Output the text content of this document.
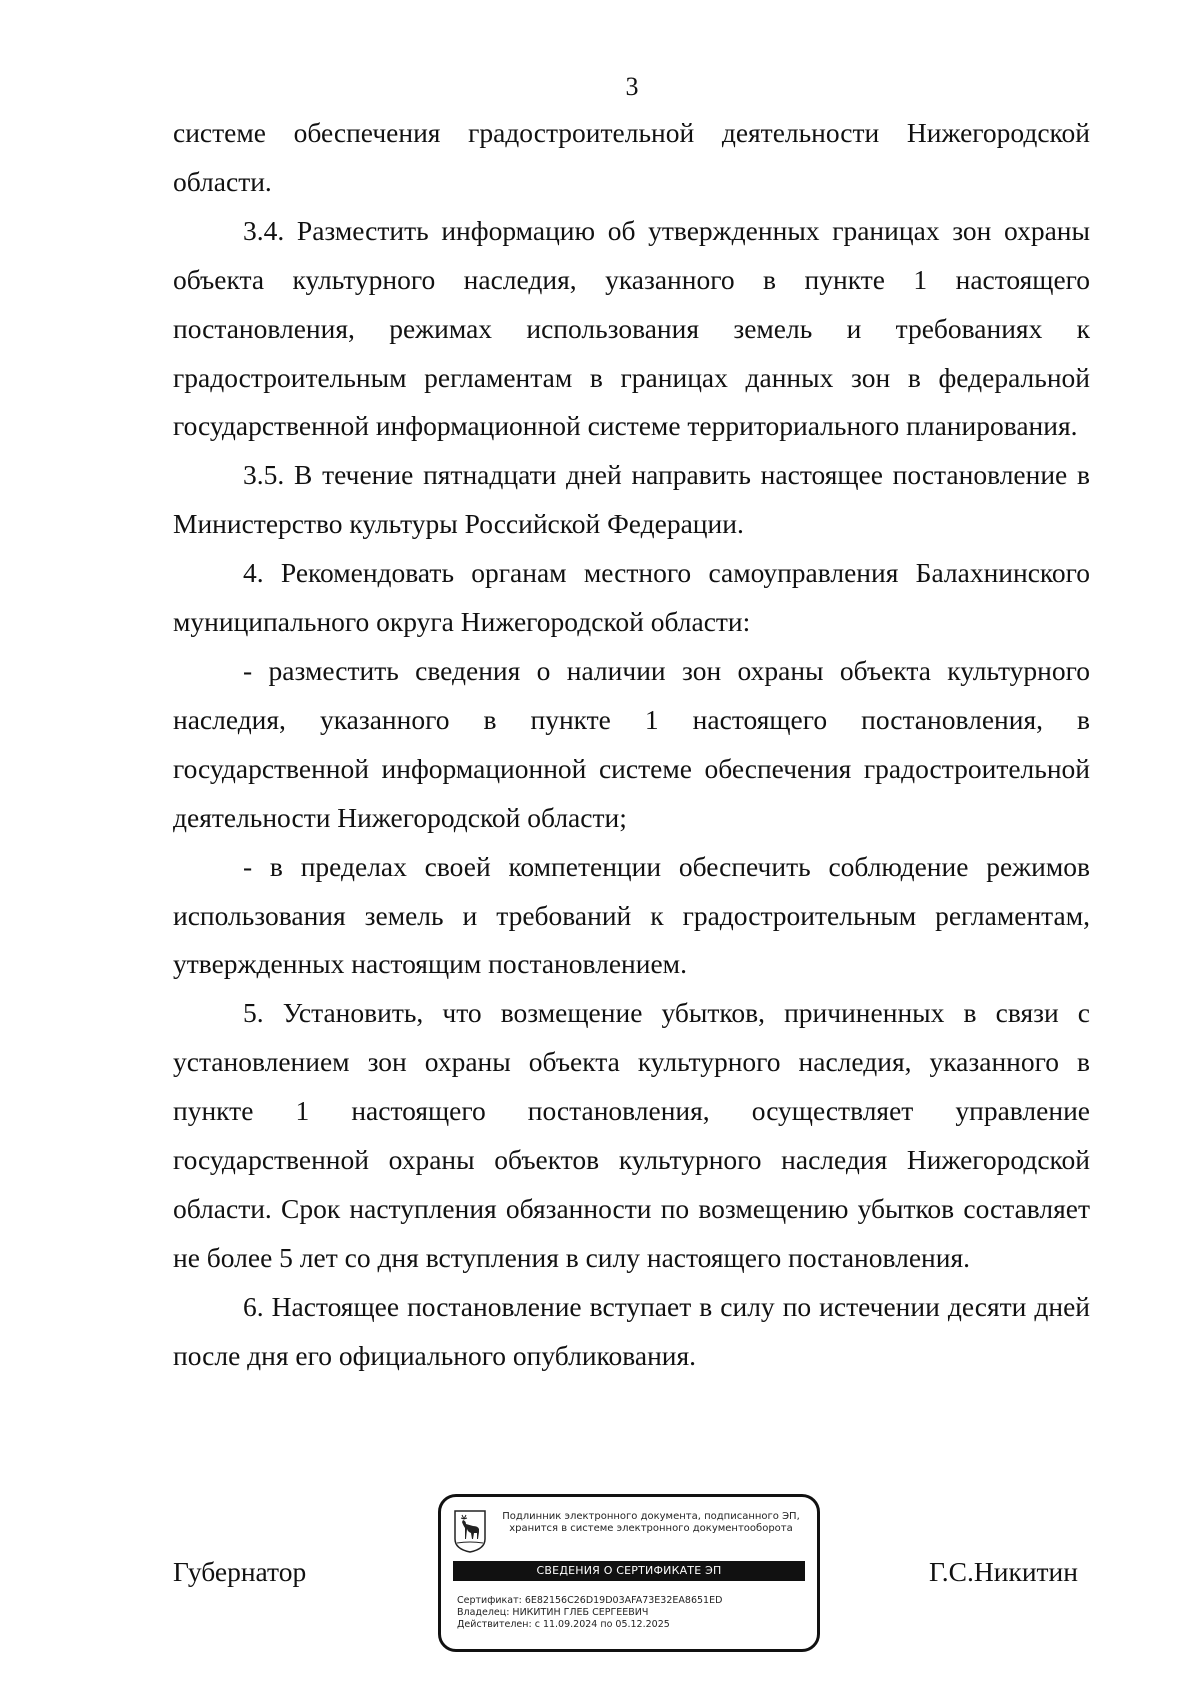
3

системе обеспечения градостроительной деятельности Нижегородской области.

3.4. Разместить информацию об утвержденных границах зон охраны объекта культурного наследия, указанного в пункте 1 настоящего постановления, режимах использования земель и требованиях к градостроительным регламентам в границах данных зон в федеральной государственной информационной системе территориального планирования.

3.5. В течение пятнадцати дней направить настоящее постановление в Министерство культуры Российской Федерации.

4. Рекомендовать органам местного самоуправления Балахнинского муниципального округа Нижегородской области:

- разместить сведения о наличии зон охраны объекта культурного наследия, указанного в пункте 1 настоящего постановления, в государственной информационной системе обеспечения градостроительной деятельности Нижегородской области;

- в пределах своей компетенции обеспечить соблюдение режимов использования земель и требований к градостроительным регламентам, утвержденных настоящим постановлением.

5. Установить, что возмещение убытков, причиненных в связи с установлением зон охраны объекта культурного наследия, указанного в пункте 1 настоящего постановления, осуществляет управление государственной охраны объектов культурного наследия Нижегородской области. Срок наступления обязанности по возмещению убытков составляет не более 5 лет со дня вступления в силу настоящего постановления.

6. Настоящее постановление вступает в силу по истечении десяти дней после дня его официального опубликования.

Губернатор	Г.С.Никитин
Подлинник электронного документа, подписанного ЭП,
хранится в системе электронного документооборота
СВЕДЕНИЯ О СЕРТИФИКАТЕ ЭП
Сертификат: 6E82156C26D19D03AFA73E32EA8651ED
Владелец: НИКИТИН ГЛЕБ СЕРГЕЕВИЧ
Действителен: с 11.09.2024 по 05.12.2025
